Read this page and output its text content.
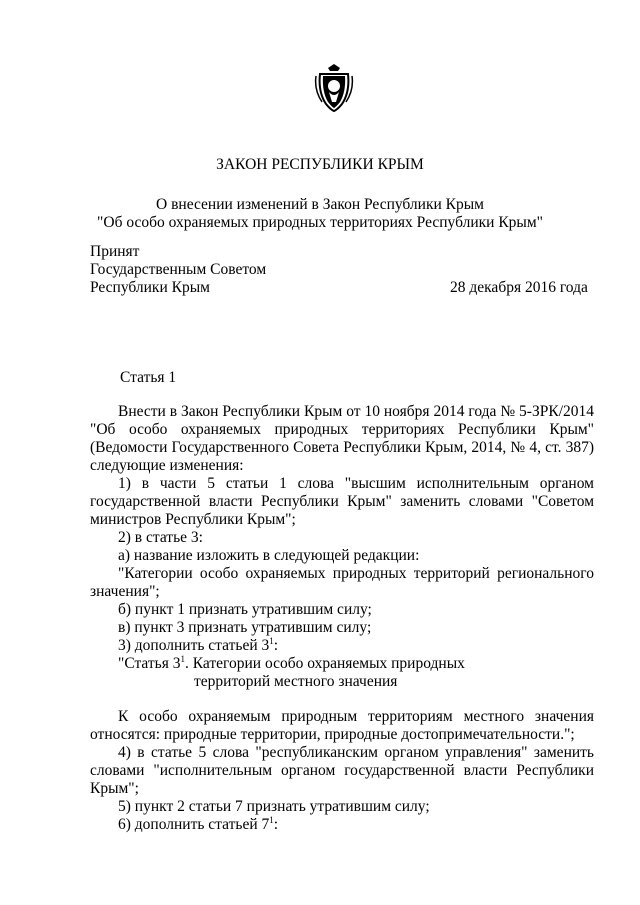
ЗАКОН РЕСПУБЛИКИ КРЫМ
О внесении изменений в Закон Республики Крым
"Об особо охраняемых природных территориях Республики Крым"
Принят
Государственным Советом
Республики Крым	28 декабря 2016 года
Статья 1
Внести в Закон Республики Крым от 10 ноября 2014 года № 5-ЗРК/2014
"Об особо охраняемых природных территориях Республики Крым"
(Ведомости Государственного Совета Республики Крым, 2014, № 4, ст. 387)
следующие изменения:
1) в части 5 статьи 1 слова "высшим исполнительным органом
государственной власти Республики Крым" заменить словами "Советом
министров Республики Крым";
2) в статье 3:
а) название изложить в следующей редакции:
"Категории особо охраняемых природных территорий регионального
значения";
б) пункт 1 признать утратившим силу;
в) пункт 3 признать утратившим силу;
3) дополнить статьей $3^1$:
"Статья $3^1$. Категории особо охраняемых природных
территорий местного значения
К особо охраняемым природным территориям местного значения
относятся: природные территории, природные достопримечательности.";
4) в статье 5 слова "республиканским органом управления" заменить
словами "исполнительным органом государственной власти Республики
Крым";
5) пункт 2 статьи 7 признать утратившим силу;
6) дополнить статьей $7^1$:
